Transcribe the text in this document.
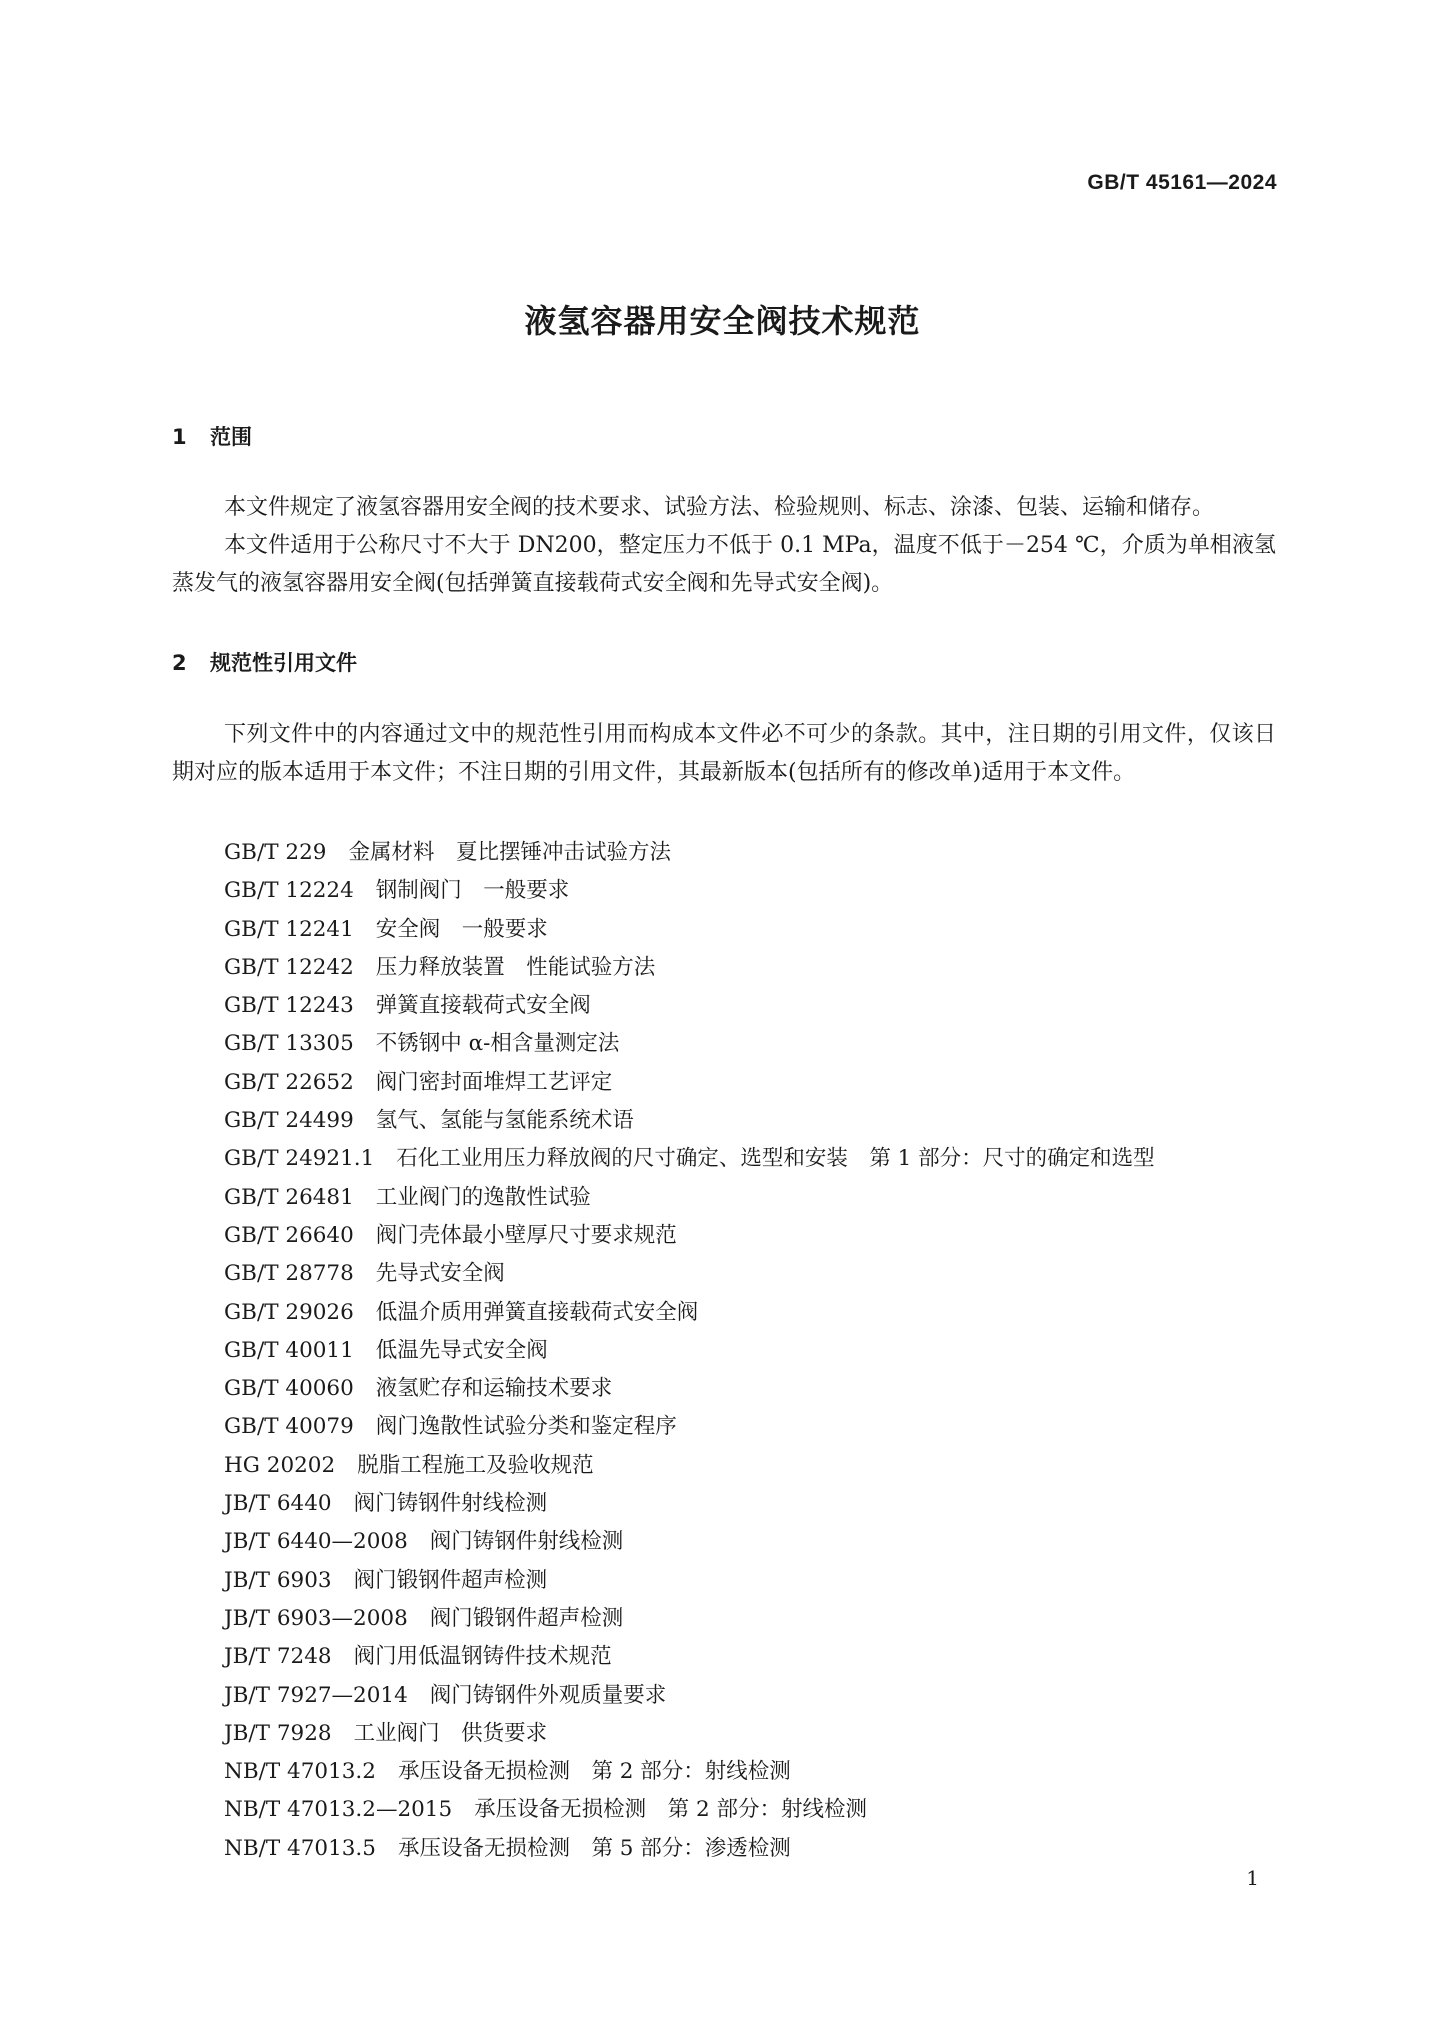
GB/T 45161—2024
液氢容器用安全阀技术规范
1 范围
本文件规定了液氢容器用安全阀的技术要求、试验方法、检验规则、标志、涂漆、包装、运输和储存。
本文件适用于公称尺寸不大于 DN200，整定压力不低于 0.1 MPa，温度不低于－254 ℃，介质为单相液氢蒸发气的液氢容器用安全阀(包括弹簧直接载荷式安全阀和先导式安全阀)。
2 规范性引用文件
下列文件中的内容通过文中的规范性引用而构成本文件必不可少的条款。其中，注日期的引用文件，仅该日期对应的版本适用于本文件；不注日期的引用文件，其最新版本(包括所有的修改单)适用于本文件。
GB/T 229 金属材料　夏比摆锤冲击试验方法
GB/T 12224 钢制阀门　一般要求
GB/T 12241 安全阀　一般要求
GB/T 12242 压力释放装置　性能试验方法
GB/T 12243 弹簧直接载荷式安全阀
GB/T 13305 不锈钢中 α-相含量测定法
GB/T 22652 阀门密封面堆焊工艺评定
GB/T 24499 氢气、氢能与氢能系统术语
GB/T 24921.1 石化工业用压力释放阀的尺寸确定、选型和安装　第 1 部分：尺寸的确定和选型
GB/T 26481 工业阀门的逸散性试验
GB/T 26640 阀门壳体最小壁厚尺寸要求规范
GB/T 28778 先导式安全阀
GB/T 29026 低温介质用弹簧直接载荷式安全阀
GB/T 40011 低温先导式安全阀
GB/T 40060 液氢贮存和运输技术要求
GB/T 40079 阀门逸散性试验分类和鉴定程序
HG 20202 脱脂工程施工及验收规范
JB/T 6440 阀门铸钢件射线检测
JB/T 6440—2008 阀门铸钢件射线检测
JB/T 6903 阀门锻钢件超声检测
JB/T 6903—2008 阀门锻钢件超声检测
JB/T 7248 阀门用低温钢铸件技术规范
JB/T 7927—2014 阀门铸钢件外观质量要求
JB/T 7928 工业阀门　供货要求
NB/T 47013.2 承压设备无损检测　第 2 部分：射线检测
NB/T 47013.2—2015 承压设备无损检测　第 2 部分：射线检测
NB/T 47013.5 承压设备无损检测　第 5 部分：渗透检测
1
